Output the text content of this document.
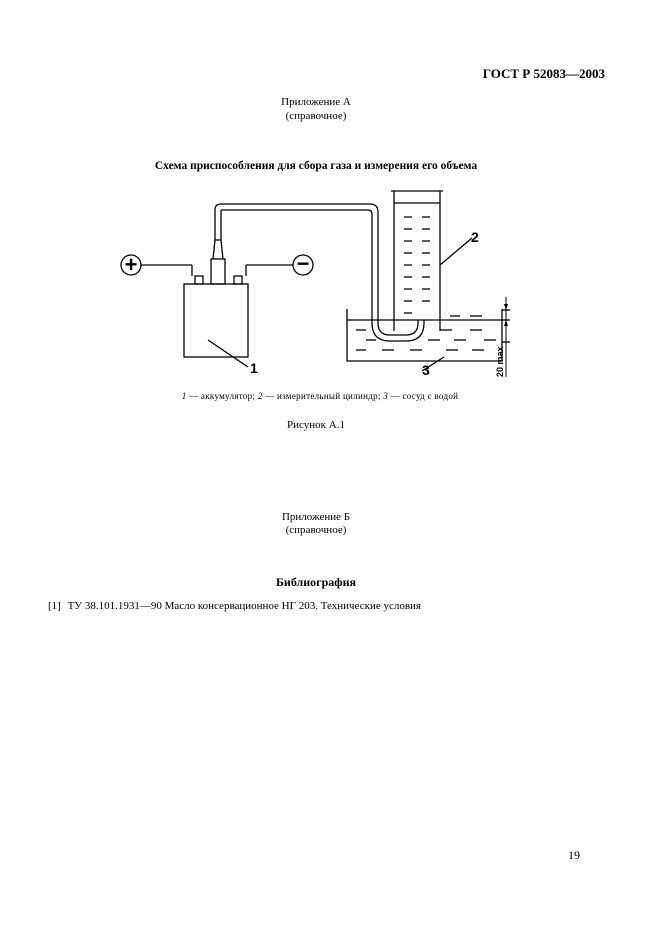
ГОСТ Р 52083—2003
Приложение А
(справочное)
Схема приспособления для сбора газа и измерения его объема
+	−
1
2
3	20 max
1 — аккумулятор; 2 — измерительный цилиндр; 3 — сосуд с водой
Рисунок А.1
Приложение Б
(справочное)
Библиография
[1] ТУ 38.101.1931—90 Масло консервационное НГ 203. Технические условия
19
